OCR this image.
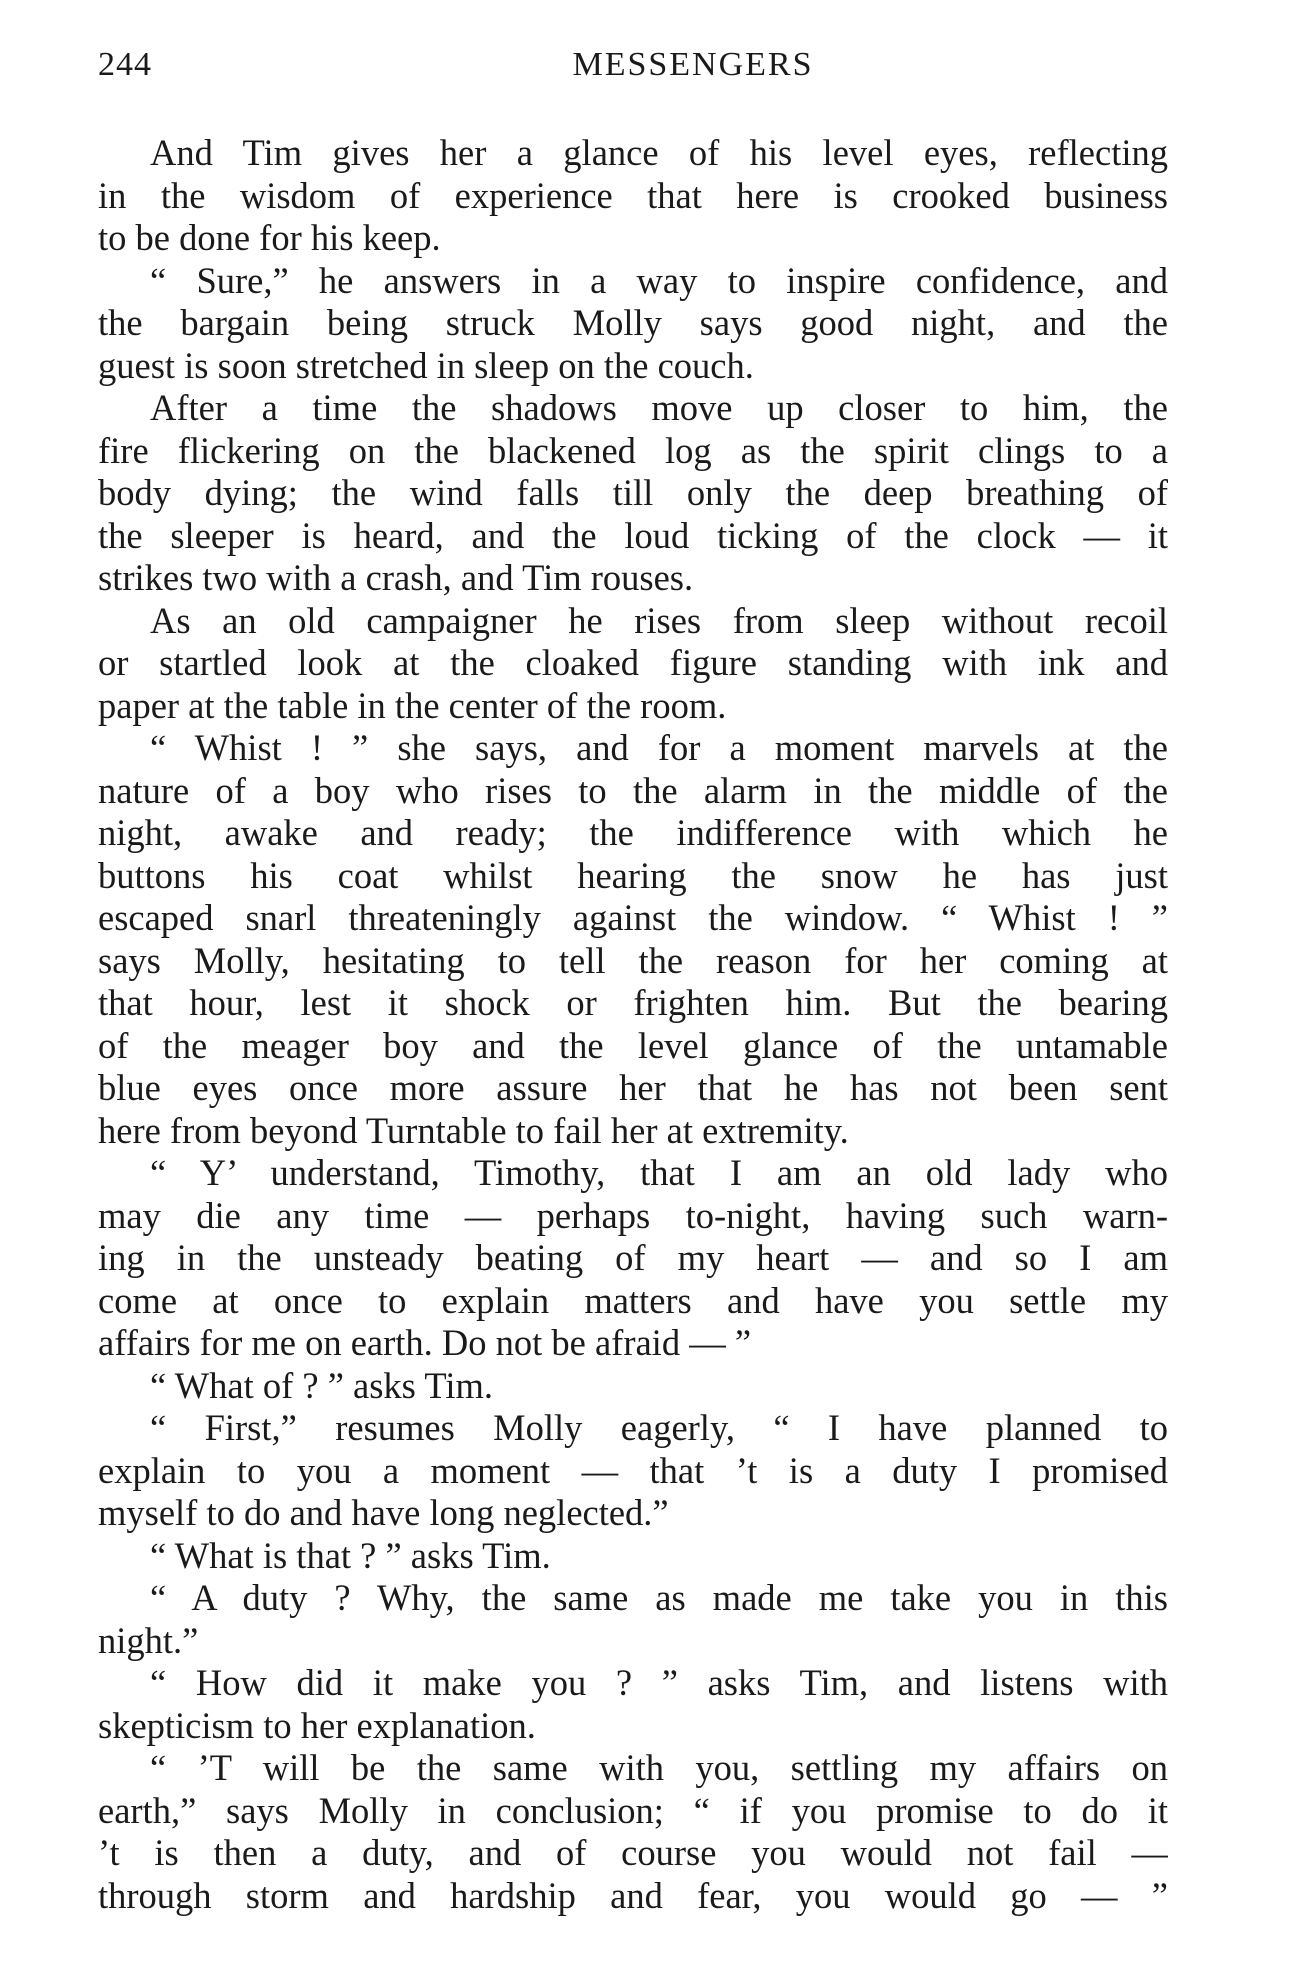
244	MESSENGERS
And Tim gives her a glance of his level eyes, reflecting
in the wisdom of experience that here is crooked business
to be done for his keep.
“ Sure,” he answers in a way to inspire confidence, and
the bargain being struck Molly says good night, and the
guest is soon stretched in sleep on the couch.
After a time the shadows move up closer to him, the
fire flickering on the blackened log as the spirit clings to a
body dying; the wind falls till only the deep breathing of
the sleeper is heard, and the loud ticking of the clock — it
strikes two with a crash, and Tim rouses.
As an old campaigner he rises from sleep without recoil
or startled look at the cloaked figure standing with ink and
paper at the table in the center of the room.
“ Whist ! ” she says, and for a moment marvels at the
nature of a boy who rises to the alarm in the middle of the
night, awake and ready; the indifference with which he
buttons his coat whilst hearing the snow he has just
escaped snarl threateningly against the window. “ Whist ! ”
says Molly, hesitating to tell the reason for her coming at
that hour, lest it shock or frighten him. But the bearing
of the meager boy and the level glance of the untamable
blue eyes once more assure her that he has not been sent
here from beyond Turntable to fail her at extremity.
“ Y’ understand, Timothy, that I am an old lady who
may die any time — perhaps to-night, having such warn-
ing in the unsteady beating of my heart — and so I am
come at once to explain matters and have you settle my
affairs for me on earth. Do not be afraid — ”
“ What of ? ” asks Tim.
“ First,” resumes Molly eagerly, “ I have planned to
explain to you a moment — that ’t is a duty I promised
myself to do and have long neglected.”
“ What is that ? ” asks Tim.
“ A duty ? Why, the same as made me take you in this
night.”
“ How did it make you ? ” asks Tim, and listens with
skepticism to her explanation.
“ ’T will be the same with you, settling my affairs on
earth,” says Molly in conclusion; “ if you promise to do it
’t is then a duty, and of course you would not fail —
through storm and hardship and fear, you would go — ”
